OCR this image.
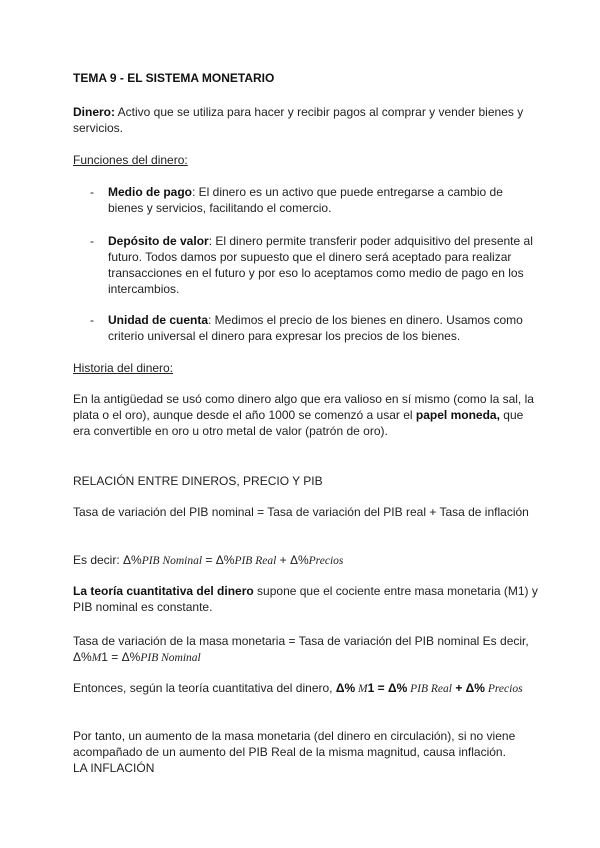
TEMA 9 - EL SISTEMA MONETARIO
Dinero: Activo que se utiliza para hacer y recibir pagos al comprar y vender bienes y servicios.
Funciones del dinero:
- Medio de pago: El dinero es un activo que puede entregarse a cambio de bienes y servicios, facilitando el comercio.
- Depósito de valor: El dinero permite transferir poder adquisitivo del presente al futuro. Todos damos por supuesto que el dinero será aceptado para realizar transacciones en el futuro y por eso lo aceptamos como medio de pago en los intercambios.
- Unidad de cuenta: Medimos el precio de los bienes en dinero. Usamos como criterio universal el dinero para expresar los precios de los bienes.
Historia del dinero:
En la antigüedad se usó como dinero algo que era valioso en sí mismo (como la sal, la plata o el oro), aunque desde el año 1000 se comenzó a usar el papel moneda, que era convertible en oro u otro metal de valor (patrón de oro).
RELACIÓN ENTRE DINEROS, PRECIO Y PIB
Tasa de variación del PIB nominal = Tasa de variación del PIB real + Tasa de inflación
Es decir: Δ%PIB Nominal = Δ%PIB Real + Δ%Precios
La teoría cuantitativa del dinero supone que el cociente entre masa monetaria (M1) y PIB nominal es constante.
Tasa de variación de la masa monetaria = Tasa de variación del PIB nominal Es decir, Δ%M1 = Δ%PIB Nominal
Entonces, según la teoría cuantitativa del dinero, Δ% M1 = Δ% PIB Real + Δ% Precios
Por tanto, un aumento de la masa monetaria (del dinero en circulación), si no viene acompañado de un aumento del PIB Real de la misma magnitud, causa inflación.
LA INFLACIÓN
